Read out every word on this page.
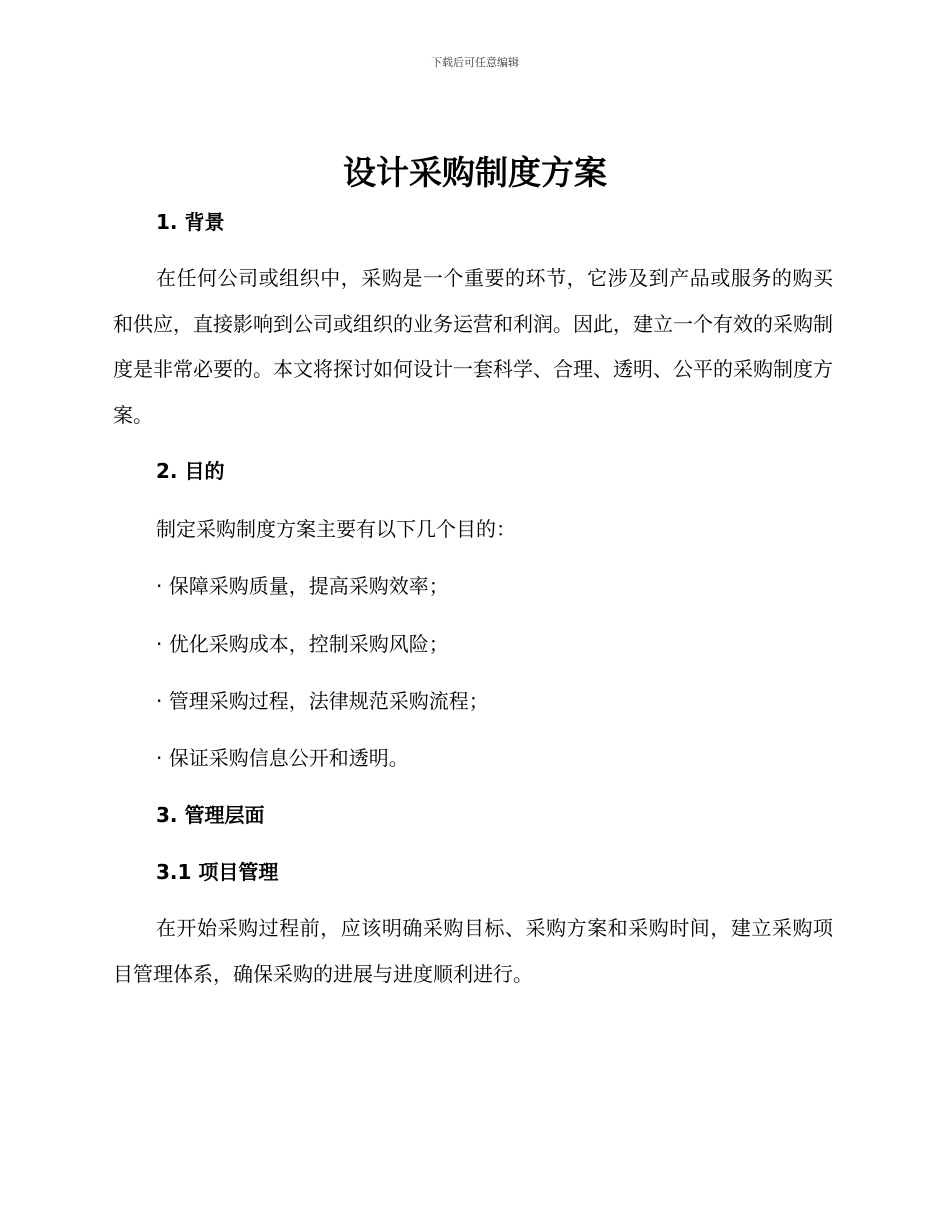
下载后可任意编辑
设计采购制度方案
1. 背景
在任何公司或组织中，采购是一个重要的环节，它涉及到产品或服务的购买和供应，直接影响到公司或组织的业务运营和利润。因此，建立一个有效的采购制度是非常必要的。本文将探讨如何设计一套科学、合理、透明、公平的采购制度方案。
2. 目的
制定采购制度方案主要有以下几个目的：
· 保障采购质量，提高采购效率；
· 优化采购成本，控制采购风险；
· 管理采购过程，法律规范采购流程；
· 保证采购信息公开和透明。
3. 管理层面
3.1 项目管理
在开始采购过程前，应该明确采购目标、采购方案和采购时间，建立采购项目管理体系，确保采购的进展与进度顺利进行。
